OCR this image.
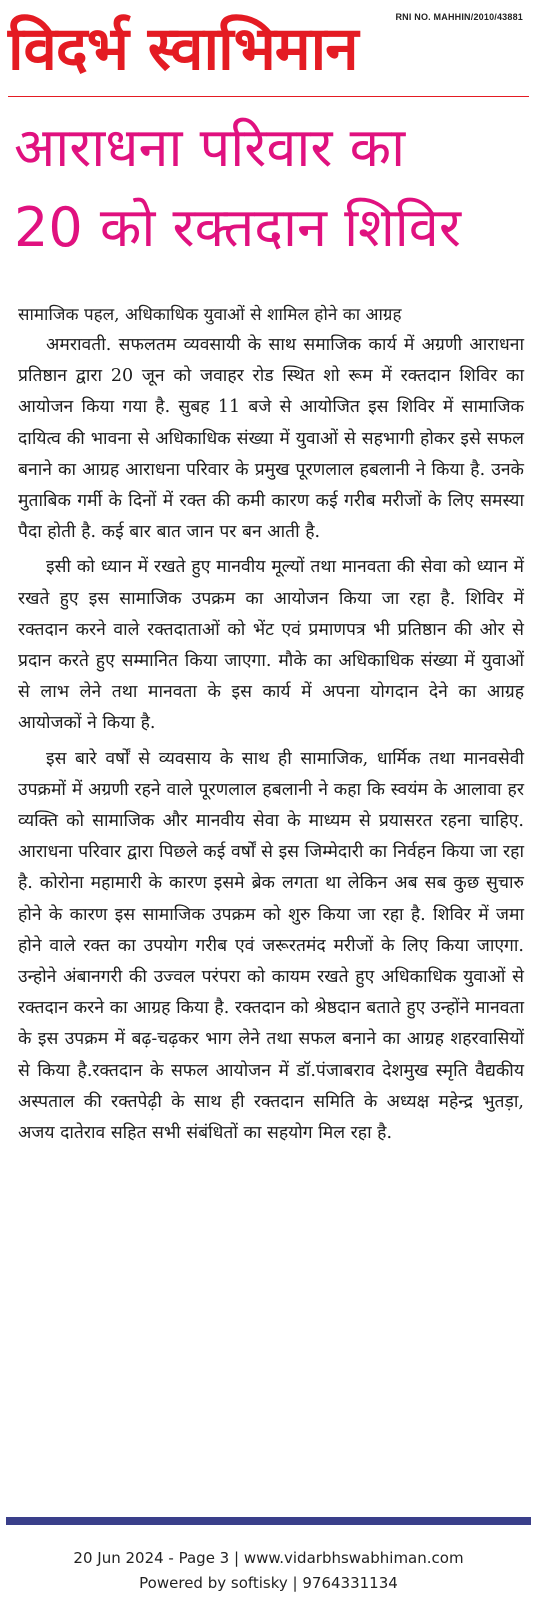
RNI NO. MAHHIN/2010/43881
विदर्भ स्वाभिमान
आराधना परिवार का
20 को रक्तदान शिविर
सामाजिक पहल, अधिकाधिक युवाओं से शामिल होने का आग्रह

अमरावती. सफलतम व्यवसायी के साथ समाजिक कार्य में अग्रणी आराधना प्रतिष्ठान द्वारा 20 जून को जवाहर रोड स्थित शो रूम में रक्तदान शिविर का आयोजन किया गया है. सुबह 11 बजे से आयोजित इस शिविर में सामाजिक दायित्व की भावना से अधिकाधिक संख्या में युवाओं से सहभागी होकर इसे सफल बनाने का आग्रह आराधना परिवार के प्रमुख पूरणलाल हबलानी ने किया है. उनके मुताबिक गर्मी के दिनों में रक्त की कमी कारण कई गरीब मरीजों के लिए समस्या पैदा होती है. कई बार बात जान पर बन आती है.

इसी को ध्यान में रखते हुए मानवीय मूल्यों तथा मानवता की सेवा को ध्यान में रखते हुए इस सामाजिक उपक्रम का आयोजन किया जा रहा है. शिविर में रक्तदान करने वाले रक्तदाताओं को भेंट एवं प्रमाणपत्र भी प्रतिष्ठान की ओर से प्रदान करते हुए सम्मानित किया जाएगा. मौके का अधिकाधिक संख्या में युवाओं से लाभ लेने तथा मानवता के इस कार्य में अपना योगदान देने का आग्रह आयोजकों ने किया है.

इस बारे वर्षों से व्यवसाय के साथ ही सामाजिक, धार्मिक तथा मानवसेवी उपक्रमों में अग्रणी रहने वाले पूरणलाल हबलानी ने कहा कि स्वयंम के आलावा हर व्यक्ति को सामाजिक और मानवीय सेवा के माध्यम से प्रयासरत रहना चाहिए. आराधना परिवार द्वारा पिछले कई वर्षों से इस जिम्मेदारी का निर्वहन किया जा रहा है. कोरोना महामारी के कारण इसमे ब्रेक लगता था लेकिन अब सब कुछ सुचारु होने के कारण इस सामाजिक उपक्रम को शुरु किया जा रहा है. शिविर में जमा होने वाले रक्त का उपयोग गरीब एवं जरूरतमंद मरीजों के लिए किया जाएगा. उन्होने अंबानगरी की उज्वल परंपरा को कायम रखते हुए अधिकाधिक युवाओं से रक्तदान करने का आग्रह किया है. रक्तदान को श्रेष्ठदान बताते हुए उन्होंने मानवता के इस उपक्रम में बढ़-चढ़कर भाग लेने तथा सफल बनाने का आग्रह शहरवासियों से किया है.रक्तदान के सफल आयोजन में डॉ.पंजाबराव देशमुख स्मृति वैद्यकीय अस्पताल की रक्तपेढ़ी के साथ ही रक्तदान समिति के अध्यक्ष महेन्द्र भुतड़ा, अजय दातेराव सहित सभी संबंधितों का सहयोग मिल रहा है.

20 Jun 2024 - Page 3 | www.vidarbhswabhiman.com
Powered by softisky | 9764331134
